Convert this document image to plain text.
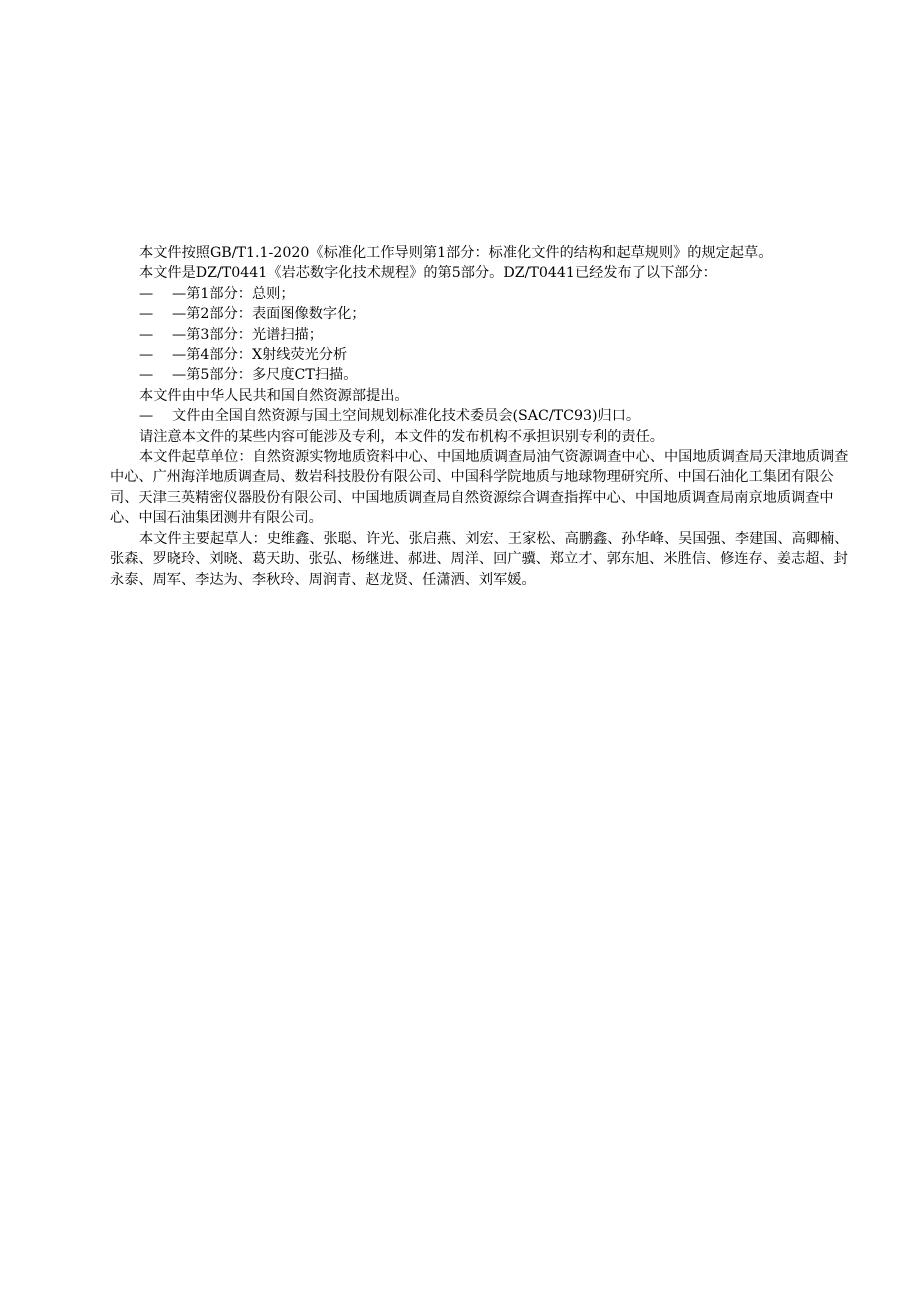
本文件按照GB/T1.1-2020《标准化工作导则第1部分：标准化文件的结构和起草规则》的规定起草。

本文件是DZ/T0441《岩芯数字化技术规程》的第5部分。DZ/T0441已经发布了以下部分：

— —第1部分：总则；
— —第2部分：表面图像数字化；
— —第3部分：光谱扫描；
— —第4部分：X射线荧光分析
— —第5部分：多尺度CT扫描。

本文件由中华人民共和国自然资源部提出。

— 文件由全国自然资源与国土空间规划标准化技术委员会(SAC/TC93)归口。

请注意本文件的某些内容可能涉及专利，本文件的发布机构不承担识别专利的责任。

本文件起草单位：自然资源实物地质资料中心、中国地质调查局油气资源调查中心、中国地质调查局天津地质调查中心、广州海洋地质调查局、数岩科技股份有限公司、中国科学院地质与地球物理研究所、中国石油化工集团有限公司、天津三英精密仪器股份有限公司、中国地质调查局自然资源综合调查指挥中心、中国地质调查局南京地质调查中心、中国石油集团测井有限公司。

本文件主要起草人：史维鑫、张聪、许光、张启燕、刘宏、王家松、高鹏鑫、孙华峰、吴国强、李建国、高卿楠、张森、罗晓玲、刘晓、葛天助、张弘、杨继进、郝进、周洋、回广骥、郑立才、郭东旭、米胜信、修连存、姜志超、封永泰、周军、李达为、李秋玲、周润青、赵龙贤、任潇洒、刘军媛。
